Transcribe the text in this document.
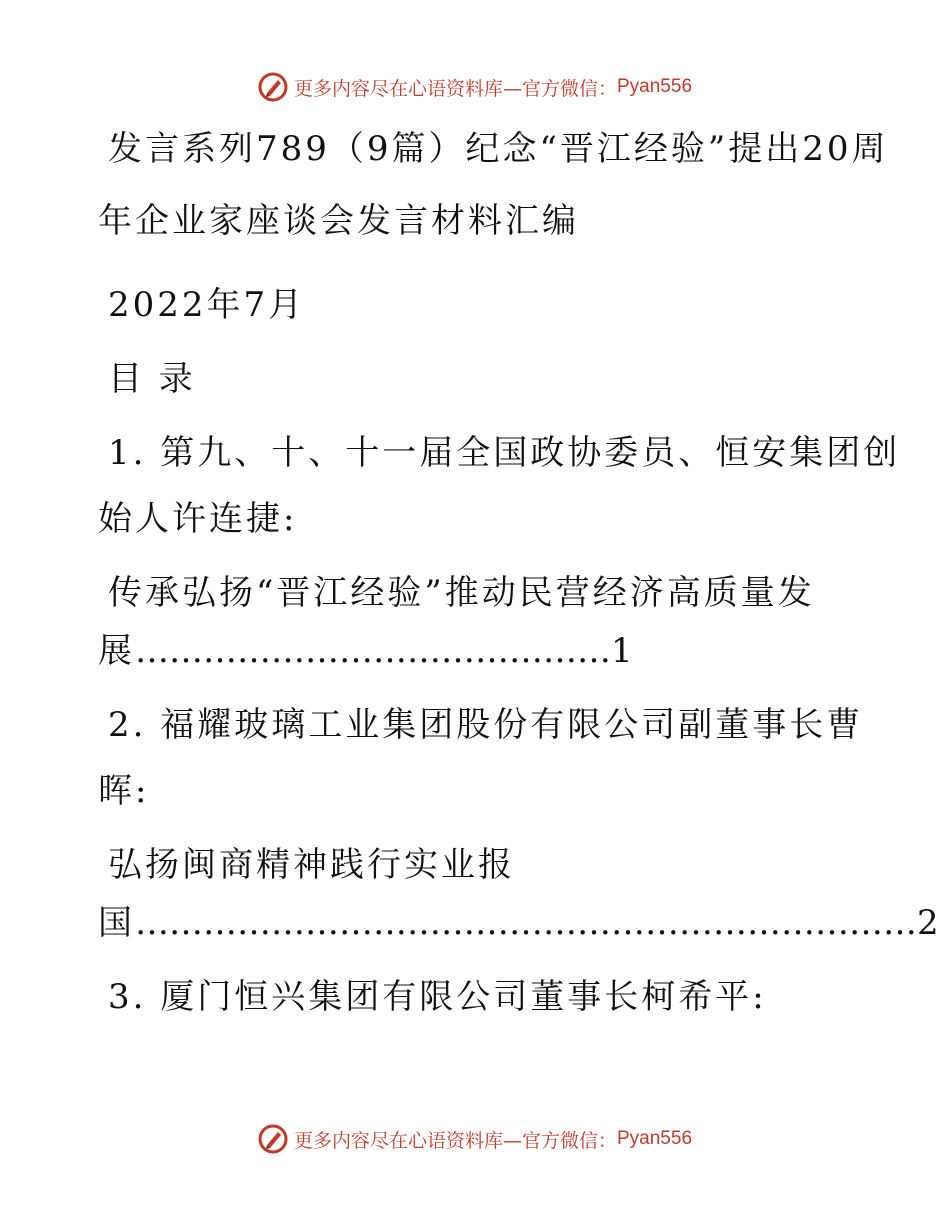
更多内容尽在心语资料库—官方微信： Pyan556

发言系列789（9篇）纪念“晋江经验”提出20周

年企业家座谈会发言材料汇编

2022年7月

目 录

1. 第九、十、十一届全国政协委员、恒安集团创

始人许连捷:

传承弘扬“晋江经验”推动民营经济高质量发

展……………………………………1

2. 福耀玻璃工业集团股份有限公司副董事长曹

晖:

弘扬闽商精神践行实业报

国……………………………………………………………2

3. 厦门恒兴集团有限公司董事长柯希平:

更多内容尽在心语资料库—官方微信： Pyan556
